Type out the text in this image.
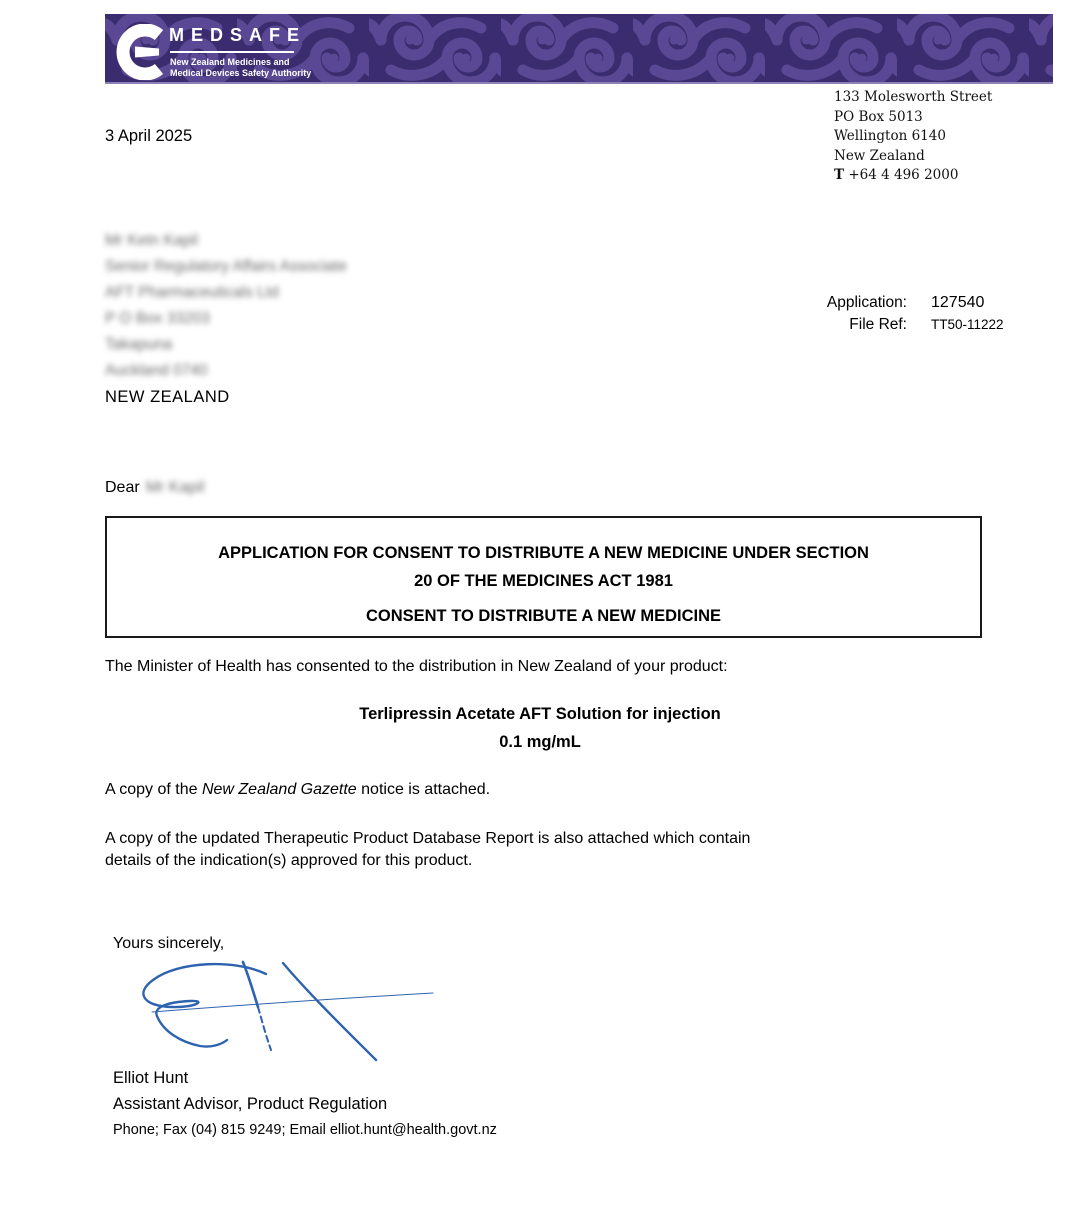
MEDSAFE
New Zealand Medicines and
Medical Devices Safety Authority
133 Molesworth Street
PO Box 5013
Wellington 6140
New Zealand
T +64 4 496 2000
3 April 2025
Mr Ketn Kapil
Senior Regulatory Affairs Associate
AFT Pharmaceuticals Ltd
P O Box 33203
Takapuna
Auckland 0740
NEW ZEALAND
Application: 127540
File Ref: TT50-11222
Dear Mr Kapil
APPLICATION FOR CONSENT TO DISTRIBUTE A NEW MEDICINE UNDER SECTION
20 OF THE MEDICINES ACT 1981
CONSENT TO DISTRIBUTE A NEW MEDICINE
The Minister of Health has consented to the distribution in New Zealand of your product:
Terlipressin Acetate AFT Solution for injection
0.1 mg/mL
A copy of the New Zealand Gazette notice is attached.
A copy of the updated Therapeutic Product Database Report is also attached which contain
details of the indication(s) approved for this product.
Yours sincerely,
Elliot Hunt
Assistant Advisor, Product Regulation
Phone; Fax (04) 815 9249; Email elliot.hunt@health.govt.nz
